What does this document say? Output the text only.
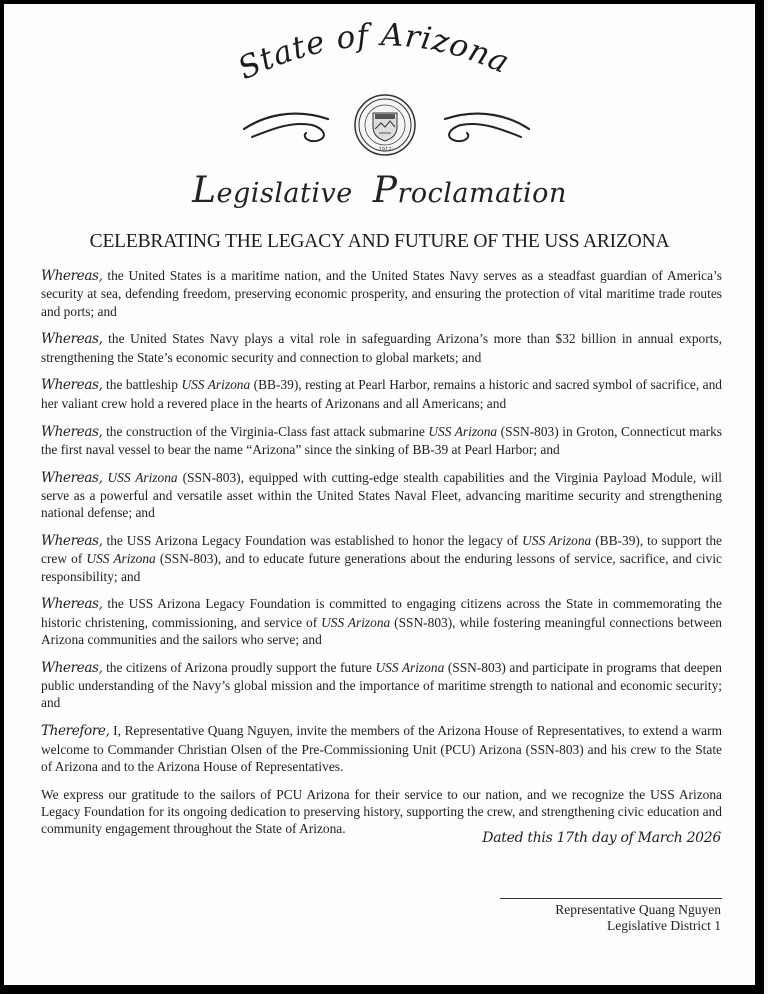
State of Arizona
1912
Legislative Proclamation
CELEBRATING THE LEGACY AND FUTURE OF THE USS ARIZONA

Whereas, the United States is a maritime nation, and the United States Navy serves as a steadfast guardian of America’s security at sea, defending freedom, preserving economic prosperity, and ensuring the protection of vital maritime trade routes and ports; and

Whereas, the United States Navy plays a vital role in safeguarding Arizona’s more than $32 billion in annual exports, strengthening the State’s economic security and connection to global markets; and

Whereas, the battleship USS Arizona (BB-39), resting at Pearl Harbor, remains a historic and sacred symbol of sacrifice, and her valiant crew hold a revered place in the hearts of Arizonans and all Americans; and

Whereas, the construction of the Virginia-Class fast attack submarine USS Arizona (SSN-803) in Groton, Connecticut marks the first naval vessel to bear the name “Arizona” since the sinking of BB-39 at Pearl Harbor; and

Whereas, USS Arizona (SSN-803), equipped with cutting-edge stealth capabilities and the Virginia Payload Module, will serve as a powerful and versatile asset within the United States Naval Fleet, advancing maritime security and strengthening national defense; and

Whereas, the USS Arizona Legacy Foundation was established to honor the legacy of USS Arizona (BB-39), to support the crew of USS Arizona (SSN-803), and to educate future generations about the enduring lessons of service, sacrifice, and civic responsibility; and

Whereas, the USS Arizona Legacy Foundation is committed to engaging citizens across the State in commemorating the historic christening, commissioning, and service of USS Arizona (SSN-803), while fostering meaningful connections between Arizona communities and the sailors who serve; and

Whereas, the citizens of Arizona proudly support the future USS Arizona (SSN-803) and participate in programs that deepen public understanding of the Navy’s global mission and the importance of maritime strength to national and economic security; and

Therefore, I, Representative Quang Nguyen, invite the members of the Arizona House of Representatives, to extend a warm welcome to Commander Christian Olsen of the Pre-Commissioning Unit (PCU) Arizona (SSN-803) and his crew to the State of Arizona and to the Arizona House of Representatives.

We express our gratitude to the sailors of PCU Arizona for their service to our nation, and we recognize the USS Arizona Legacy Foundation for its ongoing dedication to preserving history, supporting the crew, and strengthening civic education and community engagement throughout the State of Arizona.

Dated this 17th day of March 2026
Representative Quang Nguyen
Legislative District 1
